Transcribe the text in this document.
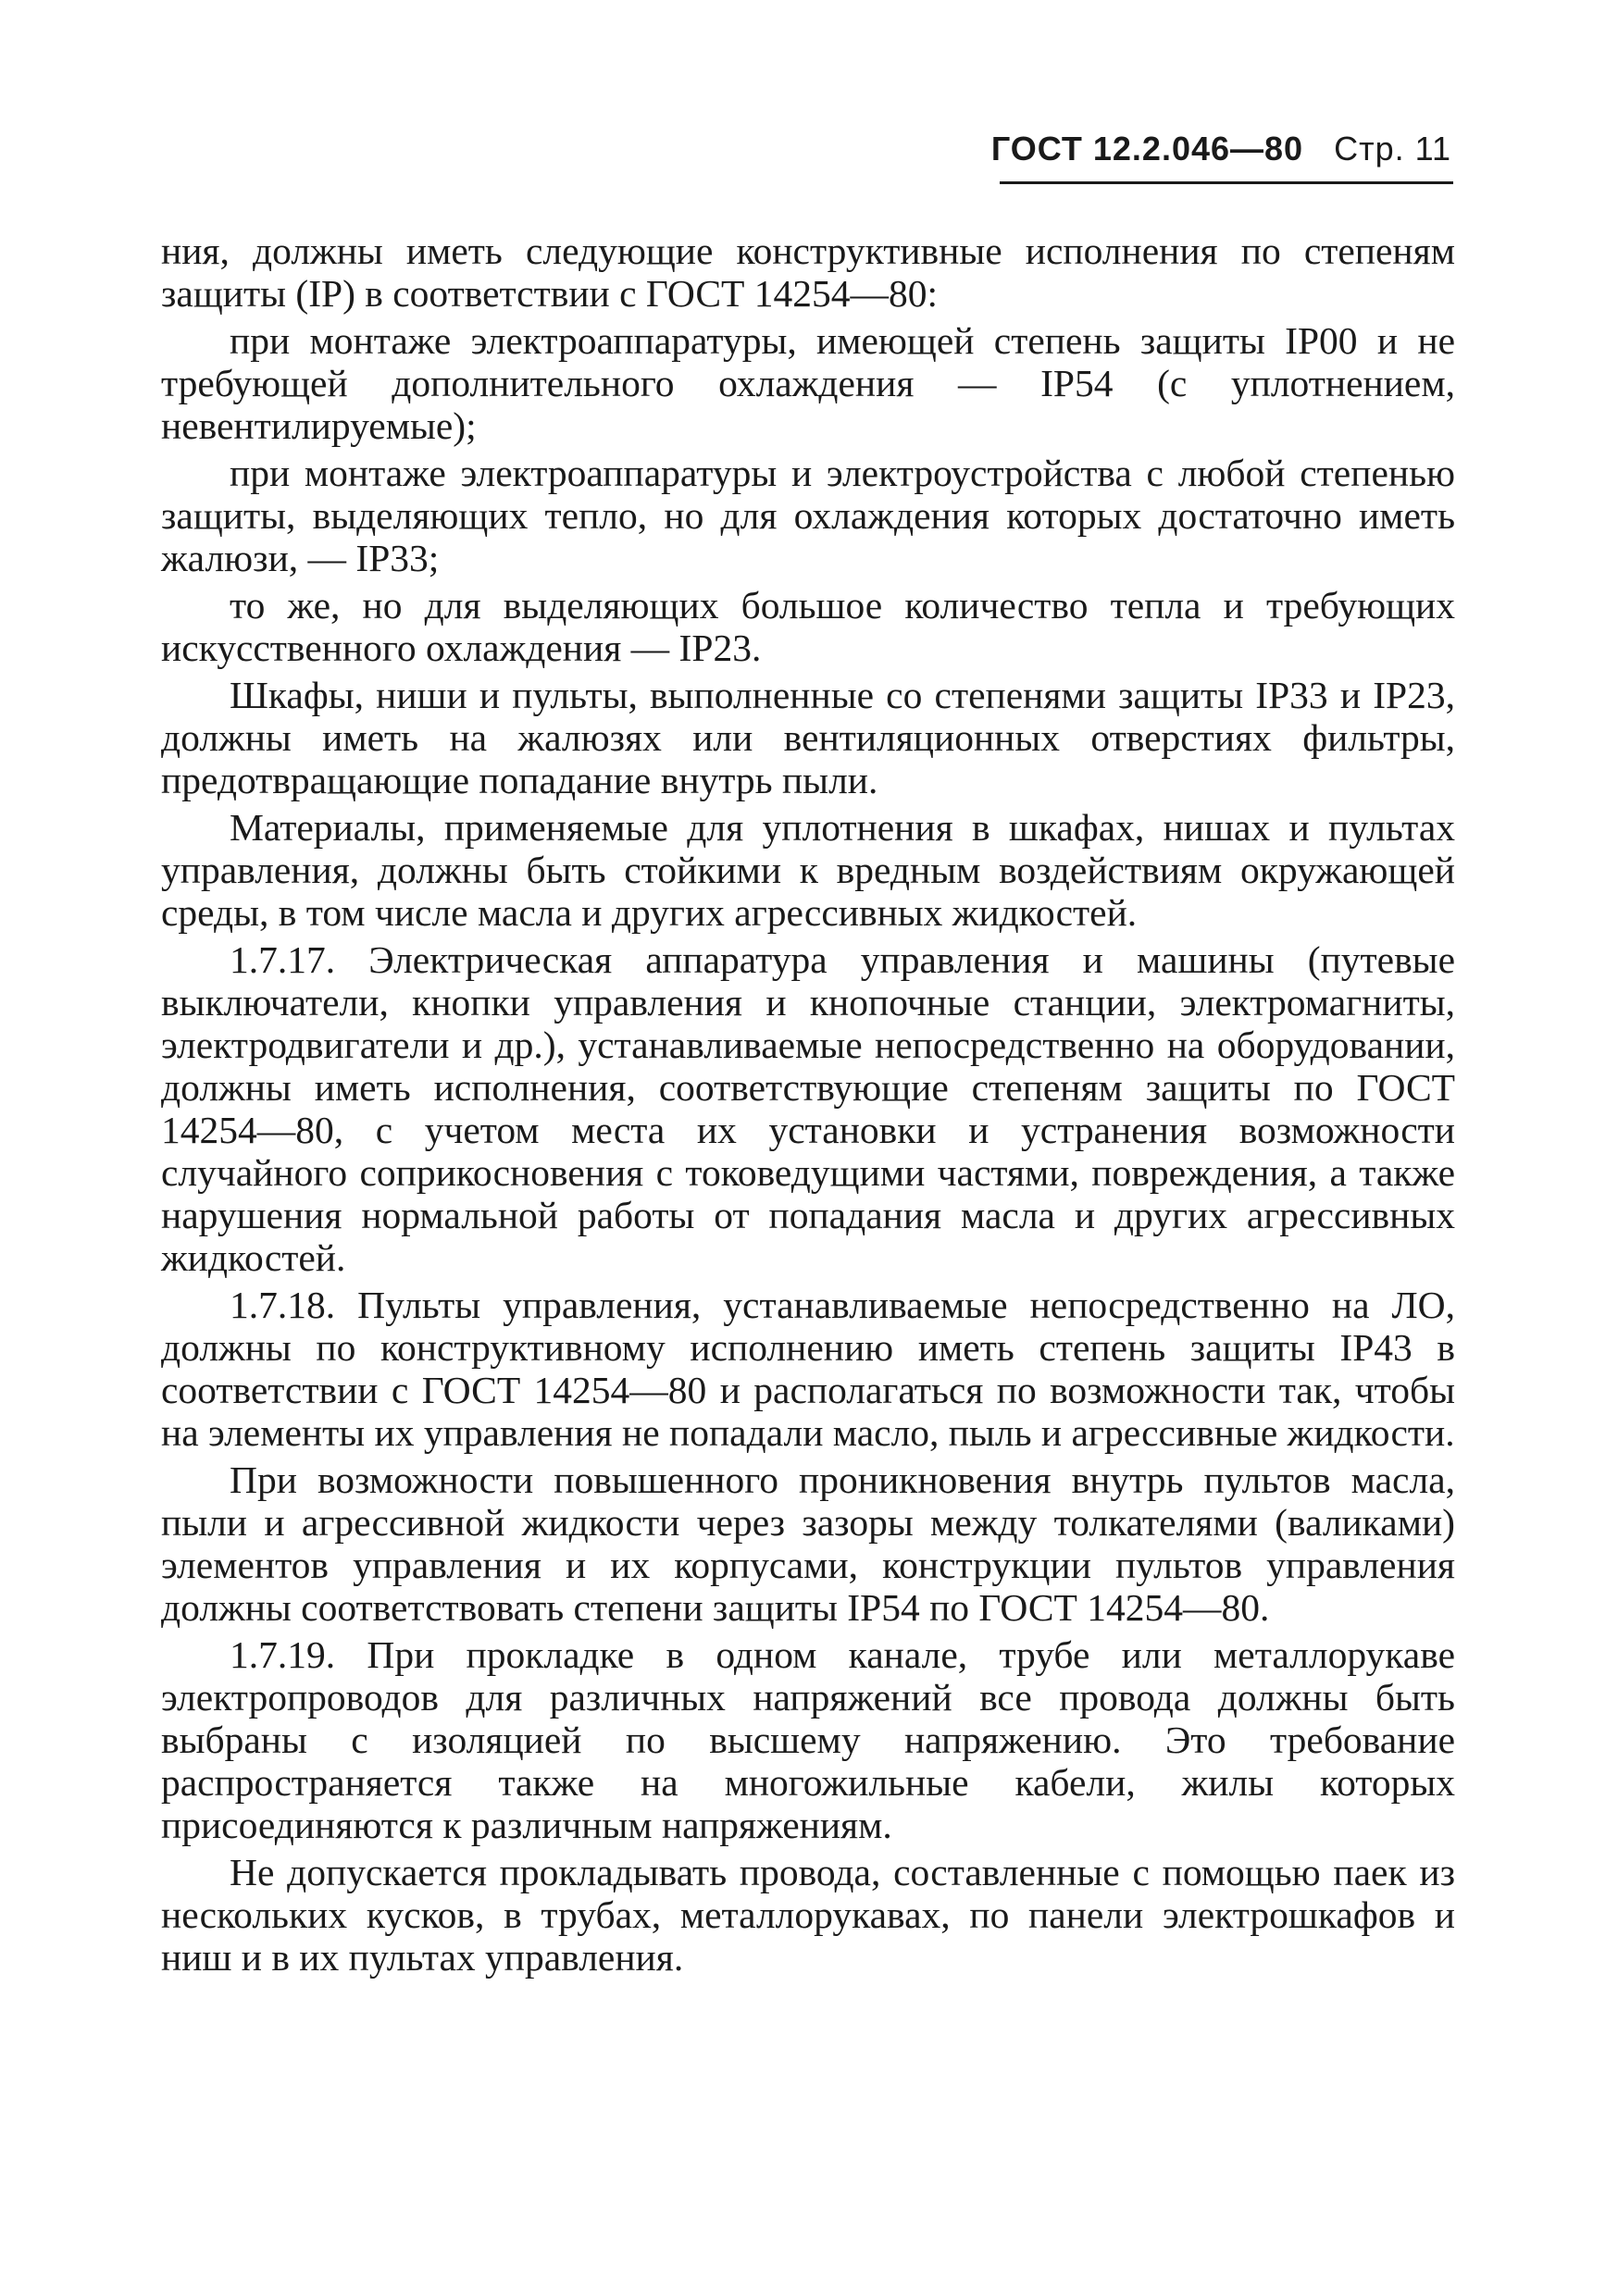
ГОСТ 12.2.046—80 Стр. 11

ния, должны иметь следующие конструктивные исполнения по степеням защиты (IP) в соответствии с ГОСТ 14254—80:

при монтаже электроаппаратуры, имеющей степень защиты IP00 и не требующей дополнительного охлаждения — IP54 (с уплотнением, невентилируемые);

при монтаже электроаппаратуры и электроустройства с любой степенью защиты, выделяющих тепло, но для охлаждения которых достаточно иметь жалюзи, — IP33;

то же, но для выделяющих большое количество тепла и требующих искусственного охлаждения — IP23.

Шкафы, ниши и пульты, выполненные со степенями защиты IP33 и IP23, должны иметь на жалюзях или вентиляционных отверстиях фильтры, предотвращающие попадание внутрь пыли.

Материалы, применяемые для уплотнения в шкафах, нишах и пультах управления, должны быть стойкими к вредным воздействиям окружающей среды, в том числе масла и других агрессивных жидкостей.

1.7.17. Электрическая аппаратура управления и машины (путевые выключатели, кнопки управления и кнопочные станции, электромагниты, электродвигатели и др.), устанавливаемые непосредственно на оборудовании, должны иметь исполнения, соответствующие степеням защиты по ГОСТ 14254—80, с учетом места их установки и устранения возможности случайного соприкосновения с токоведущими частями, повреждения, а также нарушения нормальной работы от попадания масла и других агрессивных жидкостей.

1.7.18. Пульты управления, устанавливаемые непосредственно на ЛО, должны по конструктивному исполнению иметь степень защиты IP43 в соответствии с ГОСТ 14254—80 и располагаться по возможности так, чтобы на элементы их управления не попадали масло, пыль и агрессивные жидкости.

При возможности повышенного проникновения внутрь пультов масла, пыли и агрессивной жидкости через зазоры между толкателями (валиками) элементов управления и их корпусами, конструкции пультов управления должны соответствовать степени защиты IP54 по ГОСТ 14254—80.

1.7.19. При прокладке в одном канале, трубе или металлорукаве электропроводов для различных напряжений все провода должны быть выбраны с изоляцией по высшему напряжению. Это требование распространяется также на многожильные кабели, жилы которых присоединяются к различным напряжениям.

Не допускается прокладывать провода, составленные с помощью паек из нескольких кусков, в трубах, металлорукавах, по панели электрошкафов и ниш и в их пультах управления.
